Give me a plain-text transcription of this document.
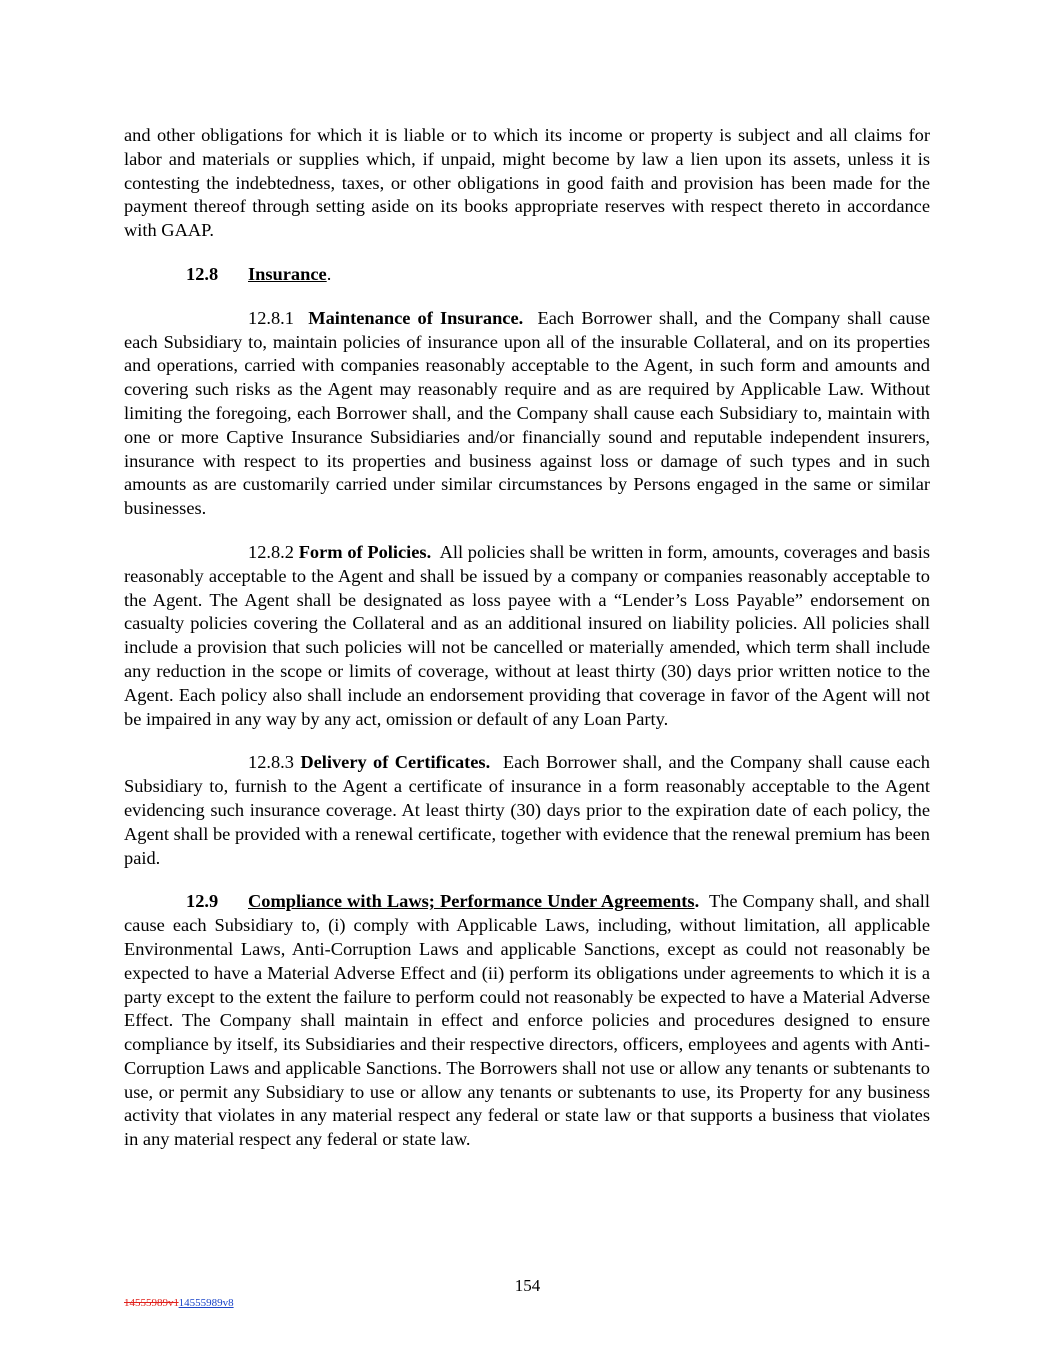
and other obligations for which it is liable or to which its income or property is subject and all claims for labor and materials or supplies which, if unpaid, might become by law a lien upon its assets, unless it is contesting the indebtedness, taxes, or other obligations in good faith and provision has been made for the payment thereof through setting aside on its books appropriate reserves with respect thereto in accordance with GAAP.

12.8 Insurance.

12.8.1 Maintenance of Insurance. Each Borrower shall, and the Company shall cause each Subsidiary to, maintain policies of insurance upon all of the insurable Collateral, and on its properties and operations, carried with companies reasonably acceptable to the Agent, in such form and amounts and covering such risks as the Agent may reasonably require and as are required by Applicable Law. Without limiting the foregoing, each Borrower shall, and the Company shall cause each Subsidiary to, maintain with one or more Captive Insurance Subsidiaries and/or financially sound and reputable independent insurers, insurance with respect to its properties and business against loss or damage of such types and in such amounts as are customarily carried under similar circumstances by Persons engaged in the same or similar businesses.

12.8.2 Form of Policies. All policies shall be written in form, amounts, coverages and basis reasonably acceptable to the Agent and shall be issued by a company or companies reasonably acceptable to the Agent. The Agent shall be designated as loss payee with a “Lender’s Loss Payable” endorsement on casualty policies covering the Collateral and as an additional insured on liability policies. All policies shall include a provision that such policies will not be cancelled or materially amended, which term shall include any reduction in the scope or limits of coverage, without at least thirty (30) days prior written notice to the Agent. Each policy also shall include an endorsement providing that coverage in favor of the Agent will not be impaired in any way by any act, omission or default of any Loan Party.

12.8.3 Delivery of Certificates. Each Borrower shall, and the Company shall cause each Subsidiary to, furnish to the Agent a certificate of insurance in a form reasonably acceptable to the Agent evidencing such insurance coverage. At least thirty (30) days prior to the expiration date of each policy, the Agent shall be provided with a renewal certificate, together with evidence that the renewal premium has been paid.

12.9 Compliance with Laws; Performance Under Agreements. The Company shall, and shall cause each Subsidiary to, (i) comply with Applicable Laws, including, without limitation, all applicable Environmental Laws, Anti-Corruption Laws and applicable Sanctions, except as could not reasonably be expected to have a Material Adverse Effect and (ii) perform its obligations under agreements to which it is a party except to the extent the failure to perform could not reasonably be expected to have a Material Adverse Effect. The Company shall maintain in effect and enforce policies and procedures designed to ensure compliance by itself, its Subsidiaries and their respective directors, officers, employees and agents with Anti-Corruption Laws and applicable Sanctions. The Borrowers shall not use or allow any tenants or subtenants to use, or permit any Subsidiary to use or allow any tenants or subtenants to use, its Property for any business activity that violates in any material respect any federal or state law or that supports a business that violates in any material respect any federal or state law.

154
14555989v114555989v8
